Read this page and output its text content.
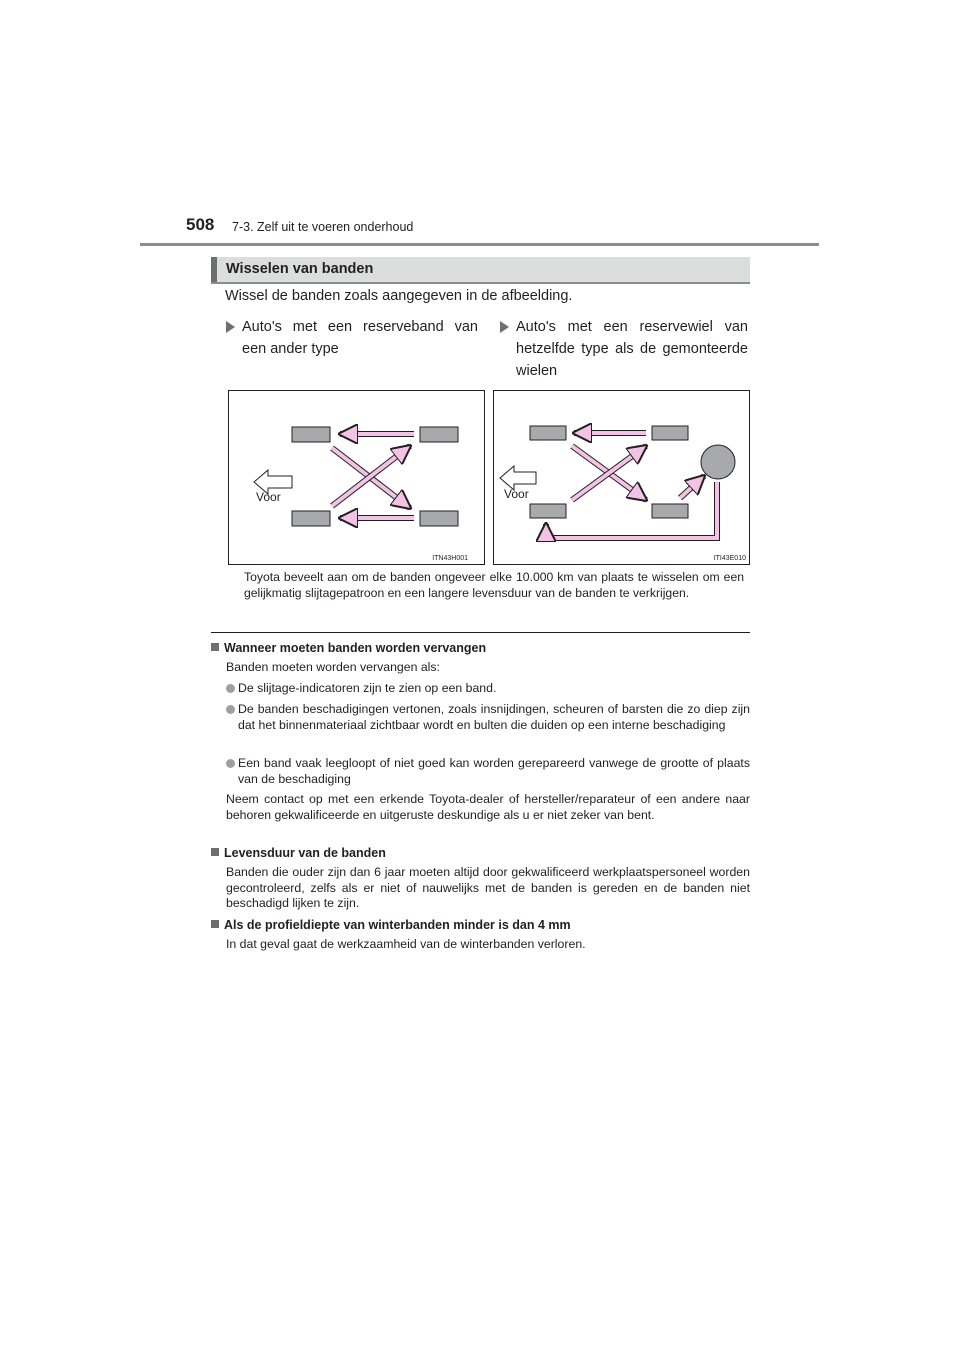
508 7-3. Zelf uit te voeren onderhoud
Wisselen van banden
Wissel de banden zoals aangegeven in de afbeelding.
Auto's met een reserveband van een ander type
Auto's met een reservewiel van hetzelfde type als de gemonteerde wielen
Voor
ITN43H001
Voor
ITI43E010
Toyota beveelt aan om de banden ongeveer elke 10.000 km van plaats te wisselen om een gelijkmatig slijtagepatroon en een langere levensduur van de banden te verkrijgen.
Wanneer moeten banden worden vervangen
Banden moeten worden vervangen als:
De slijtage-indicatoren zijn te zien op een band.
De banden beschadigingen vertonen, zoals insnijdingen, scheuren of barsten die zo diep zijn dat het binnenmateriaal zichtbaar wordt en bulten die duiden op een interne beschadiging
Een band vaak leegloopt of niet goed kan worden gerepareerd vanwege de grootte of plaats van de beschadiging
Neem contact op met een erkende Toyota-dealer of hersteller/reparateur of een andere naar behoren gekwalificeerde en uitgeruste deskundige als u er niet zeker van bent.
Levensduur van de banden
Banden die ouder zijn dan 6 jaar moeten altijd door gekwalificeerd werkplaatspersoneel worden gecontroleerd, zelfs als er niet of nauwelijks met de banden is gereden en de banden niet beschadigd lijken te zijn.
Als de profieldiepte van winterbanden minder is dan 4 mm
In dat geval gaat de werkzaamheid van de winterbanden verloren.
